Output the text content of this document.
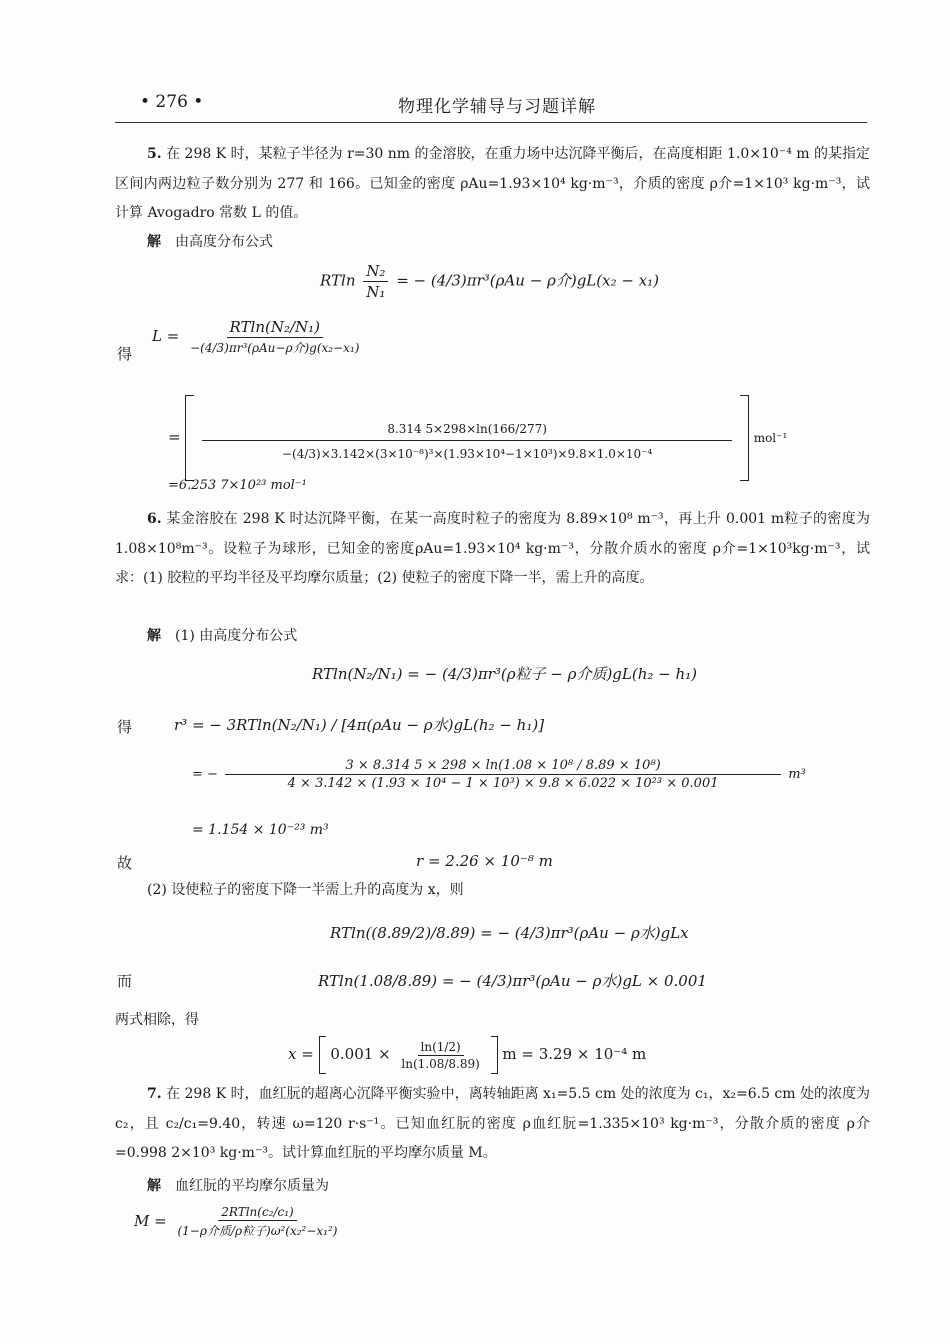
• 276 •	物理化学辅导与习题详解
5. 在 298 K 时，某粒子半径为 r=30 nm 的金溶胶，在重力场中达沉降平衡后，在高度相距 1.0×10⁻⁴ m 的某指定区间内两边粒子数分别为 277 和 166。已知金的密度 ρAu=1.93×10⁴ kg·m⁻³，介质的密度 ρ介=1×10³ kg·m⁻³，试计算 Avogadro 常数 L 的值。
解 由高度分布公式
RTln $\frac{\text{N₂}}{\text{N₁}}$ = − (4/3)πr³(ρAu − ρ介)gL(x₂ − x₁)
得
$L = \frac{\text{RTln(N₂/N₁)}}{\text{−(4/3)πr³(ρAu−ρ介)g(x₂−x₁)}}$
= $\frac{8.314 5\times 298\times\ln(166/277)}{\text{−(4/3)×3.142×(3×10⁻⁸)³×(1.93×10⁴−1×10³)×9.8×1.0×10⁻⁴}} mol^{-1}$
=6.253 7×10²³ mol⁻¹
6. 某金溶胶在 298 K 时达沉降平衡，在某一高度时粒子的密度为 8.89×10⁸ m⁻³，再上升 0.001 m粒子的密度为1.08×10⁸m⁻³。设粒子为球形，已知金的密度ρAu=1.93×10⁴ kg·m⁻³，分散介质水的密度 ρ介=1×10³kg·m⁻³，试求：(1) 胶粒的平均半径及平均摩尔质量；(2) 使粒子的密度下降一半，需上升的高度。
解 (1) 由高度分布公式
RTln(N₂/N₁) = − (4/3)πr³(ρ粒子 − ρ介质)gL(h₂ − h₁)
得	r³ = − 3RTln(N₂/N₁) / [4π(ρAu − ρ水)gL(h₂ − h₁)]
= −
3 × 8.314 5 × 298 × ln(1.08 × 10⁸ / 8.89 × 10⁸)
4 × 3.142 × (1.93 × 10⁴ − 1 × 10³) × 9.8 × 6.022 × 10²³ × 0.001
m³
= 1.154 × 10⁻²³ m³
故	r = 2.26 × 10⁻⁸ m
(2) 设使粒子的密度下降一半需上升的高度为 x，则
RTln((8.89/2)/8.89) = − (4/3)πr³(ρAu − ρ水)gLx
而	RTln(1.08/8.89) = − (4/3)πr³(ρAu − ρ水)gL × 0.001
两式相除，得
$x = 0.001 \times \frac{\ln(1/2)}{\ln(1.08/8.89)}$ m = 3.29 × 10⁻⁴ m
7. 在 298 K 时，血红朊的超离心沉降平衡实验中，离转轴距离 x₁=5.5 cm 处的浓度为 c₁，x₂=6.5 cm 处的浓度为 c₂，且 c₂/c₁=9.40，转速 ω=120 r·s⁻¹。已知血红朊的密度 ρ血红朊=1.335×10³ kg·m⁻³，分散介质的密度 ρ介=0.998 2×10³ kg·m⁻³。试计算血红朊的平均摩尔质量 M。
解 血红朊的平均摩尔质量为
$M = \frac{\text{2RTln(c₂/c₁)}}{\text{(1−ρ介质/ρ粒子)ω²(x₂²−x₁²)}}$
